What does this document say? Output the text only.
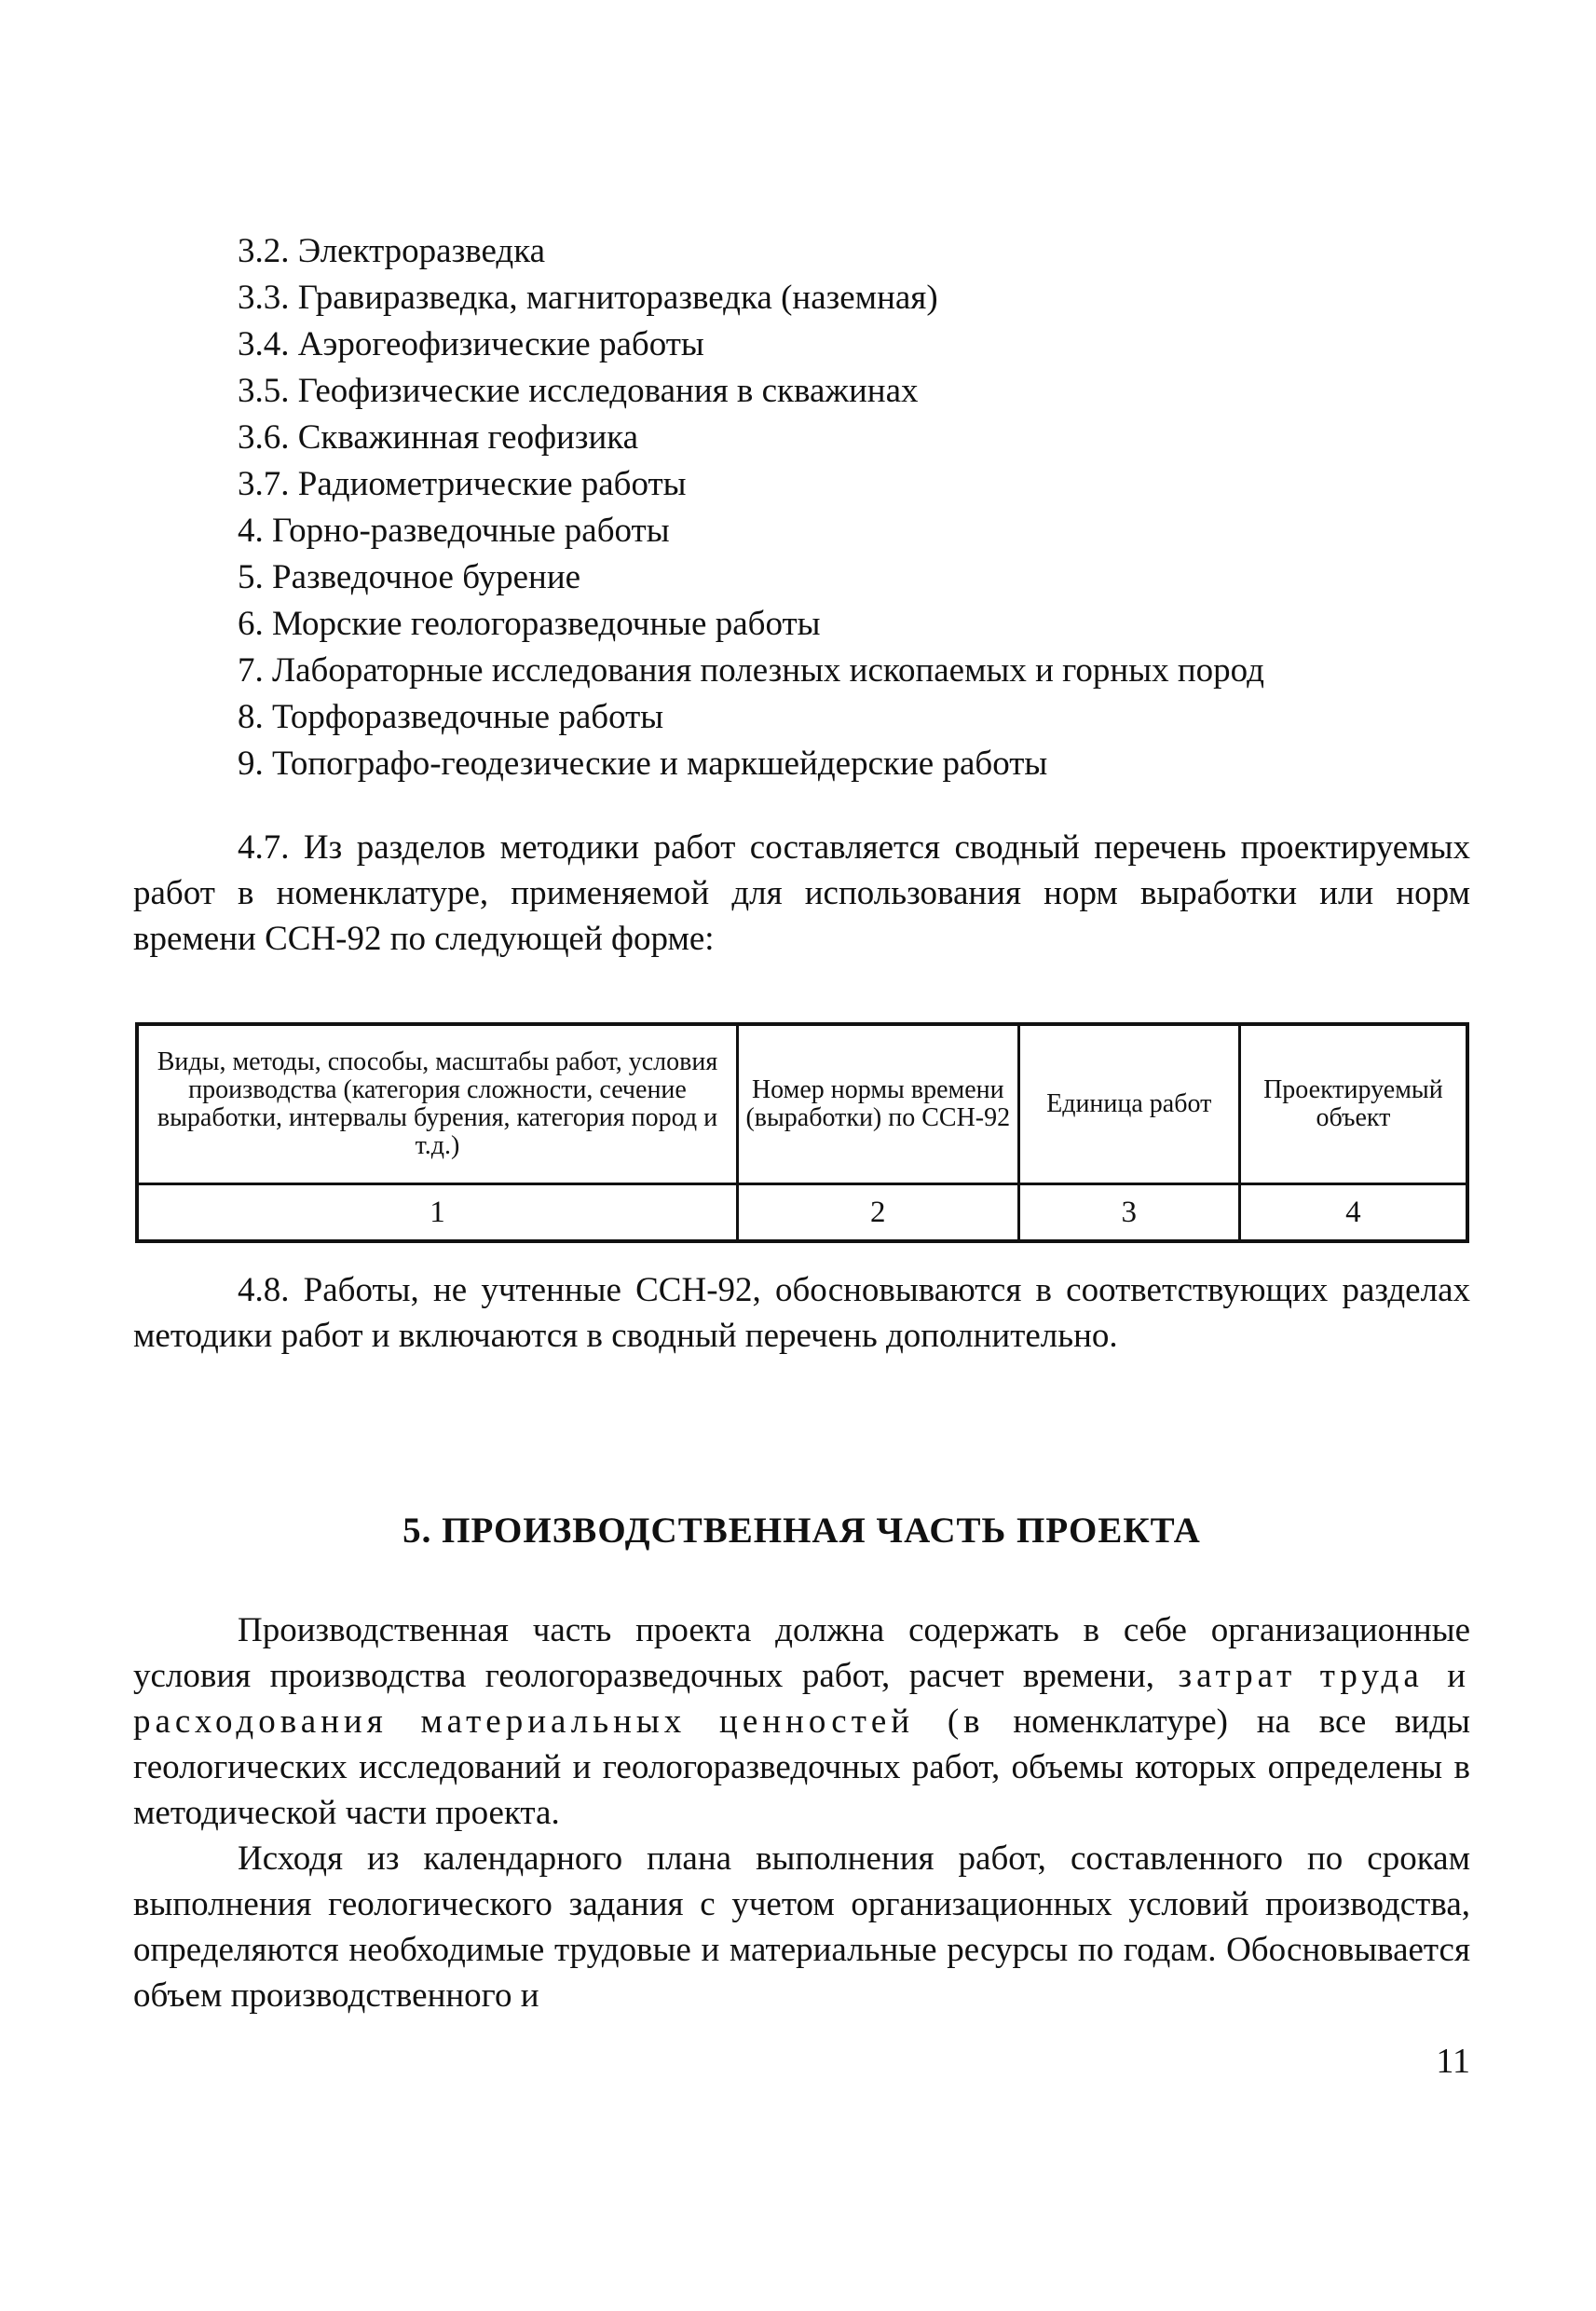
3.2. Электроразведка
3.3. Гравиразведка, магниторазведка (наземная)
3.4. Аэрогеофизические работы
3.5. Геофизические исследования в скважинах
3.6. Скважинная геофизика
3.7. Радиометрические работы
4. Горно-разведочные работы
5. Разведочное бурение
6. Морские геологоразведочные работы
7. Лабораторные исследования полезных ископаемых и горных пород
8. Торфоразведочные работы
9. Топографо-геодезические и маркшейдерские работы
4.7. Из разделов методики работ составляется сводный перечень проектируемых работ в номенклатуре, применяемой для использования норм выработки или норм времени ССН-92 по следующей форме:
Виды, методы, способы, масштабы работ, условия производства (категория сложности, сечение выработки, интервалы бурения, категория пород и т.д.)	Номер нормы времени (выработки) по ССН-92	Единица работ	Проектируемый объект
1	2	3	4
4.8. Работы, не учтенные ССН-92, обосновываются в соответствующих разделах методики работ и включаются в сводный перечень дополнительно.
5. ПРОИЗВОДСТВЕННАЯ ЧАСТЬ ПРОЕКТА
Производственная часть проекта должна содержать в себе организационные условия производства геологоразведочных работ, расчет времени, затрат труда и расходования материальных ценностей (в номенклатуре) на все виды геологических исследований и геологоразведочных работ, объемы которых определены в методической части проекта.
Исходя из календарного плана выполнения работ, составленного по срокам выполнения геологического задания с учетом организационных условий производства, определяются необходимые трудовые и материальные ресурсы по годам. Обосновывается объем производственного и
11
